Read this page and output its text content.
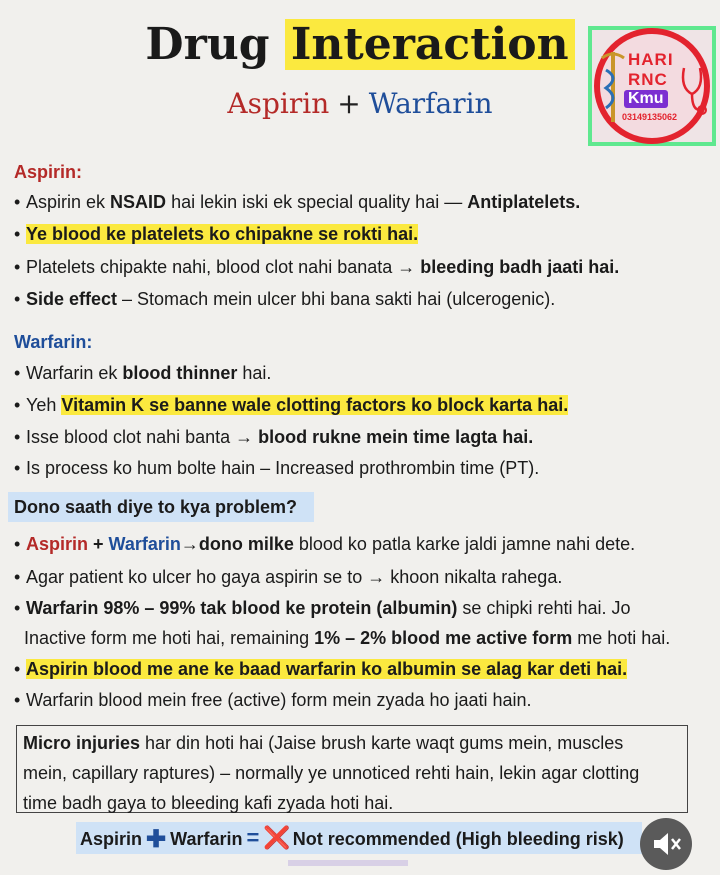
Drug Interaction
Aspirin + Warfarin
HARI
RNC
Kmu
03149135062
Aspirin:
• Aspirin ek NSAID hai lekin iski ek special quality hai — Antiplatelets.
• Ye blood ke platelets ko chipakne se rokti hai.
• Platelets chipakte nahi, blood clot nahi banata → bleeding badh jaati hai.
• Side effect – Stomach mein ulcer bhi bana sakti hai (ulcerogenic).
Warfarin:
• Warfarin ek blood thinner hai.
• Yeh Vitamin K se banne wale clotting factors ko block karta hai.
• Isse blood clot nahi banta → blood rukne mein time lagta hai.
• Is process ko hum bolte hain – Increased prothrombin time (PT).
Dono saath diye to kya problem?
• Aspirin + Warfarin→dono milke blood ko patla karke jaldi jamne nahi dete.
• Agar patient ko ulcer ho gaya aspirin se to → khoon nikalta rahega.
• Warfarin 98% – 99% tak blood ke protein (albumin) se chipki rehti hai. Jo
Inactive form me hoti hai, remaining 1% – 2% blood me active form me hoti hai.
• Aspirin blood me ane ke baad warfarin ko albumin se alag kar deti hai.
• Warfarin blood mein free (active) form mein zyada ho jaati hain.
Micro injuries har din hoti hai (Jaise brush karte waqt gums mein, muscles
mein, capillary raptures) – normally ye unnoticed rehti hain, lekin agar clotting
time badh gaya to bleeding kafi zyada hoti hai.
Aspirin ✚ Warfarin = ❌ Not recommended (High bleeding risk)
